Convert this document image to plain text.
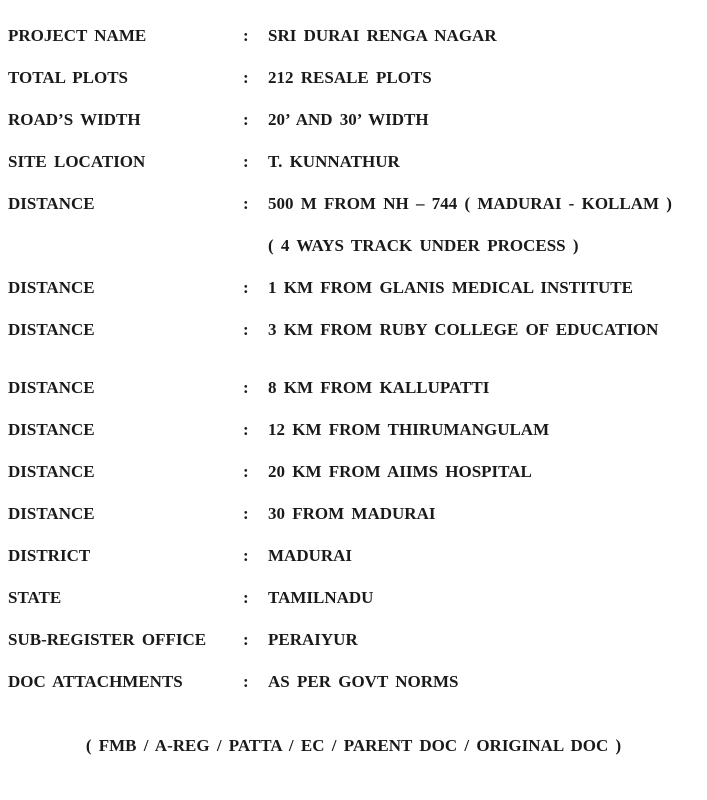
PROJECT NAME	: SRI DURAI RENGA NAGAR
TOTAL PLOTS	: 212 RESALE PLOTS
ROAD’S WIDTH	: 20’ AND 30’ WIDTH
SITE LOCATION	: T. KUNNATHUR
DISTANCE	: 500 M FROM NH – 744 ( MADURAI - KOLLAM )
( 4 WAYS TRACK UNDER PROCESS )
DISTANCE	: 1 KM FROM GLANIS MEDICAL INSTITUTE
DISTANCE	: 3 KM FROM RUBY COLLEGE OF EDUCATION
DISTANCE	: 8 KM FROM KALLUPATTI
DISTANCE	: 12 KM FROM THIRUMANGULAM
DISTANCE	: 20 KM FROM AIIMS HOSPITAL
DISTANCE	: 30 FROM MADURAI
DISTRICT	: MADURAI
STATE	: TAMILNADU
SUB-REGISTER OFFICE : PERAIYUR
DOC ATTACHMENTS	: AS PER GOVT NORMS
( FMB / A-REG / PATTA / EC / PARENT DOC / ORIGINAL DOC )
